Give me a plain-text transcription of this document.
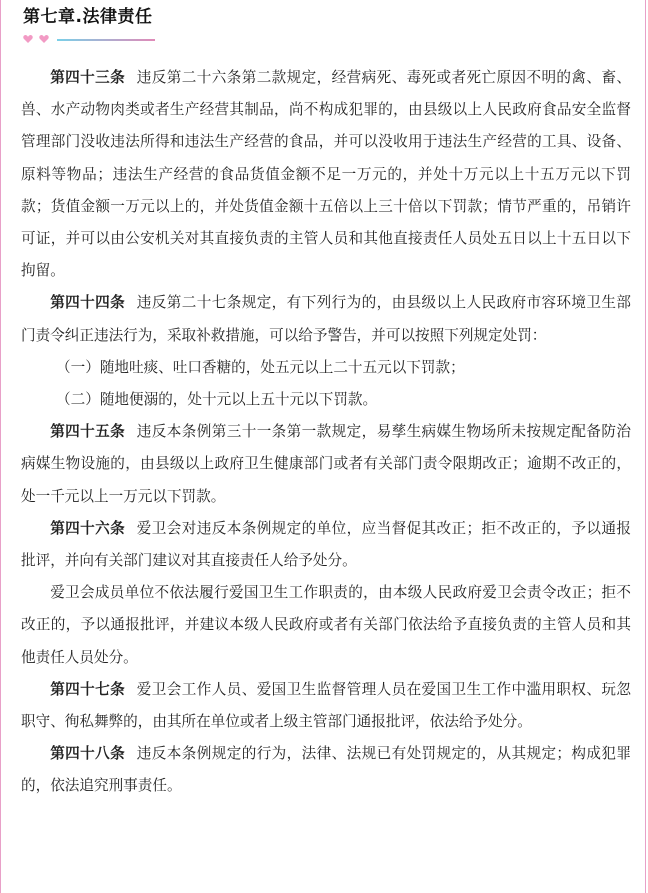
第七章.法律责任

第四十三条 违反第二十六条第二款规定，经营病死、毒死或者死亡原因不明的禽、畜、兽、水产动物肉类或者生产经营其制品，尚不构成犯罪的，由县级以上人民政府食品安全监督管理部门没收违法所得和违法生产经营的食品，并可以没收用于违法生产经营的工具、设备、原料等物品；违法生产经营的食品货值金额不足一万元的，并处十万元以上十五万元以下罚款；货值金额一万元以上的，并处货值金额十五倍以上三十倍以下罚款；情节严重的，吊销许可证，并可以由公安机关对其直接负责的主管人员和其他直接责任人员处五日以上十五日以下拘留。

第四十四条 违反第二十七条规定，有下列行为的，由县级以上人民政府市容环境卫生部门责令纠正违法行为，采取补救措施，可以给予警告，并可以按照下列规定处罚：

（一）随地吐痰、吐口香糖的，处五元以上二十五元以下罚款；

（二）随地便溺的，处十元以上五十元以下罚款。

第四十五条 违反本条例第三十一条第一款规定，易孳生病媒生物场所未按规定配备防治病媒生物设施的，由县级以上政府卫生健康部门或者有关部门责令限期改正；逾期不改正的，处一千元以上一万元以下罚款。

第四十六条 爱卫会对违反本条例规定的单位，应当督促其改正；拒不改正的，予以通报批评，并向有关部门建议对其直接责任人给予处分。

爱卫会成员单位不依法履行爱国卫生工作职责的，由本级人民政府爱卫会责令改正；拒不改正的，予以通报批评，并建议本级人民政府或者有关部门依法给予直接负责的主管人员和其他责任人员处分。

第四十七条 爱卫会工作人员、爱国卫生监督管理人员在爱国卫生工作中滥用职权、玩忽职守、徇私舞弊的，由其所在单位或者上级主管部门通报批评，依法给予处分。

第四十八条 违反本条例规定的行为，法律、法规已有处罚规定的，从其规定；构成犯罪的，依法追究刑事责任。
